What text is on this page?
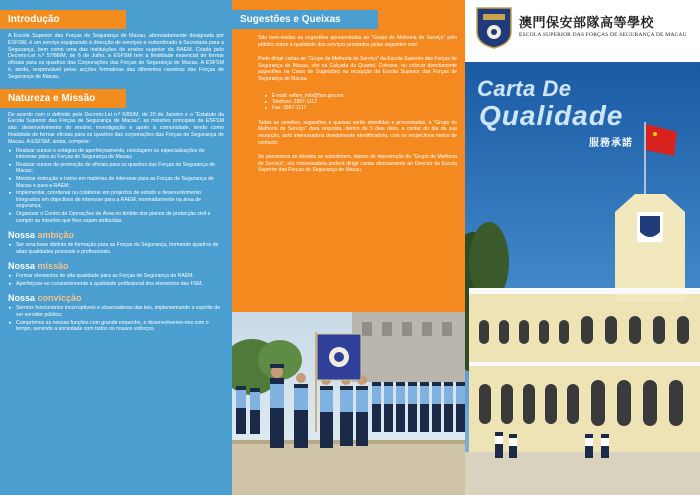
Introdução
A Escola Superior das Forças de Segurança de Macau, abreviadamente designada por ESFSM, é um serviço equiparado à direcção de serviços e subordinado à Secretaria para a Segurança, bem como uma das instituições de ensino superior da RAEM. Criada pelo Decreto-Lei n.º 57/88/M, de 6 de Julho, a ESFSM tem a finalidade essencial de formar oficiais para os quadros das Corporações das Forças de Segurança de Macau. A ESFSM é, ainda, responsável pelas acções formativas das diferentes carreiras das Forças de Segurança de Macau.
Natureza e Missão
De acordo com o definido pelo Decreto-Lei n.º 5/85/M, de 20 de Janeiro e o "Estatuto da Escola Superior das Forças de Segurança de Macau", as missões principais da ESFSM são: desenvolvimento do ensino, investigação e apoio à comunidade, tendo como finalidade de formar oficiais para os quadros das corporações das Forças de Segurança de Macau. A ESFSM, ainda, compete:
▸ Realizar cursos e estágios de aperfeiçoamento, reciclagem ou especializações de interesse para as Forças de Segurança de Macau;
▸ Realizar cursos de promoção de oficiais para os quadros das Forças de Segurança de Macau;
▸ Ministrar instrução e treino em matérias de interesse para as Forças de Segurança de Macau e para a RAEM;
▸ Implementar, coordenar ou colaborar em projectos de estudo e desenvolvimento integrados em objectivos de interesse para a RAEM, nomeadamente na área de segurança;
▸ Organizar o Centro de Operações de Área no âmbito dos planos de protecção civil e cumprir as missões que lhes sejam atribuídas.
Nossa ambição
▸ Ser uma base distinta de formação para as Forças de Segurança, formando quadros de altas qualidades pessoais e profissionais.
Nossa missão
▸ Formar elementos de alta qualidade para as Forças de Segurança da RAEM;
▸ Aperfeiçoar-se constantemente a qualidade profissional dos elementos das FSM.
Nossa convicção
▸ Sermos funcionários incorruptíveis e observadores das leis, implementando o espírito de ser servidor público;
▸ Cumprirmos as nossas funções com grande empenho, e desenvolvermo-nos com o tempo, servindo a sociedade com todos os nossos esforços.
Sugestões e Queixas
São bem-vindas as sugestões apresentadas ao "Grupo de Melhoria de Serviço" pelo público sobre a qualidade dos serviços prestados pelas seguintes vias:
Pode dirigir cartas ao "Grupo de Melhoria de Serviço" da Escola Superior das Forças de Segurança de Macau, sito na Calçada do Quartel, Coloane, ou colocar directamente sugestões na Caixa de Sugestões na recepção da Escola Superior das Forças de Segurança de Macau.
▸ E-mail: esfsm_info@fsm.gov.mo
▸ Telefone: 2887-1112
▸ Fax: 2887-1117
Todas as opiniões, sugestões e queixas serão atendidas e processadas, o "Grupo de Melhoria de Serviço" dará resposta, dentro de 5 dias úteis, a contar do dia da sua recepção, ao/à interessado/a devidamente identificado/a, com os respectivos meios de contacto.
Se porventura as dúvidas se subsistirem, depois de intervenção do "Grupo de Melhoria de Serviço", o/a interessado/a poderá dirigir cartas directamente ao Director da Escola Superior das Forças de Segurança de Macau.
澳門保安部隊高等學校
ESCOLA SUPERIOR DAS FORÇAS DE SEGURANÇA DE MACAU
Carta De
Qualidade
服務承諾
